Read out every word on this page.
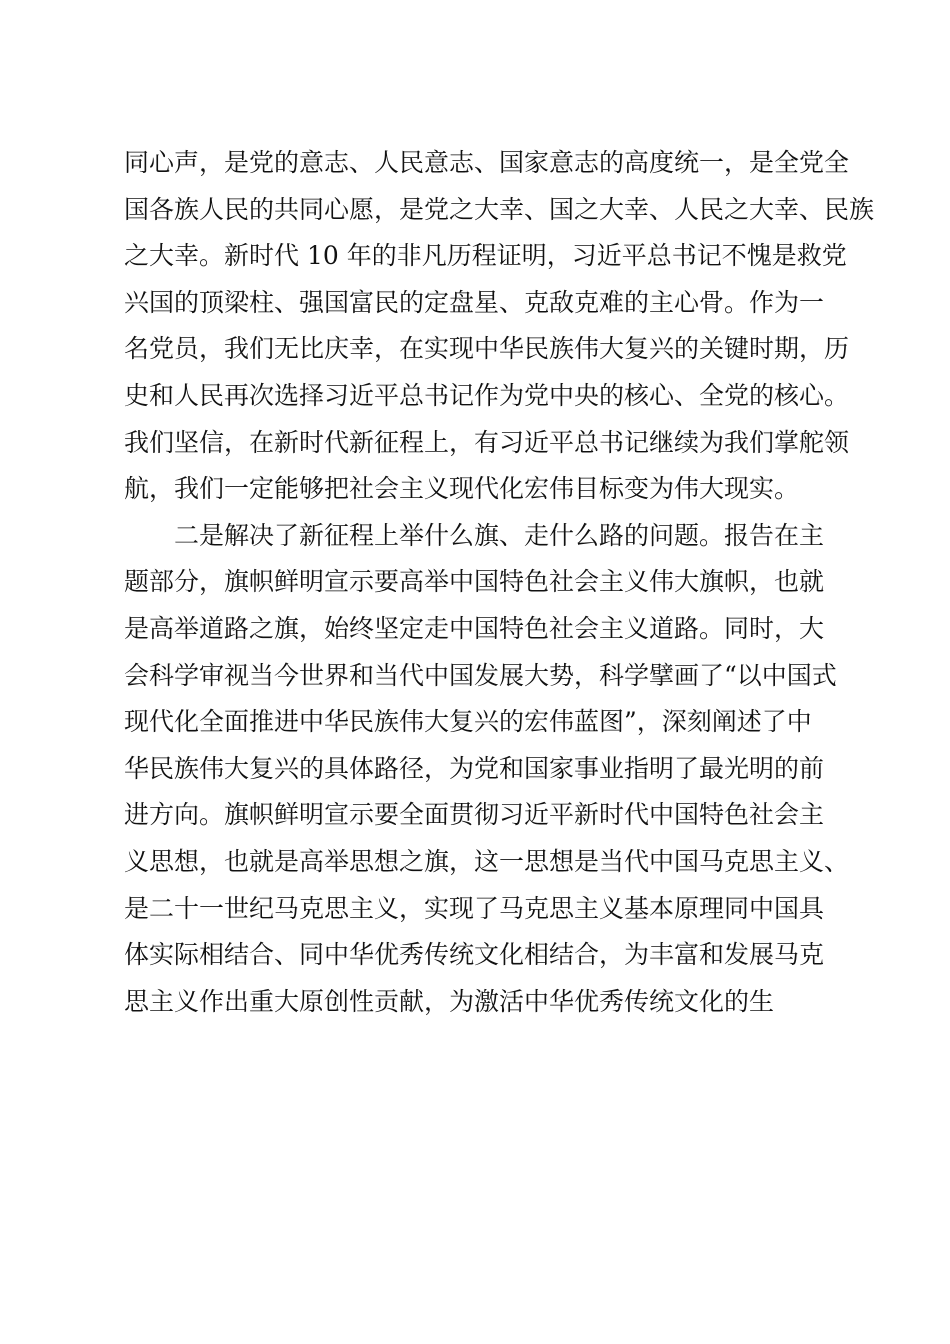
同心声，是党的意志、人民意志、国家意志的高度统一，是全党全
国各族人民的共同心愿，是党之大幸、国之大幸、人民之大幸、民族
之大幸。新时代 10 年的非凡历程证明，习近平总书记不愧是救党
兴国的顶梁柱、强国富民的定盘星、克敌克难的主心骨。作为一
名党员，我们无比庆幸，在实现中华民族伟大复兴的关键时期，历
史和人民再次选择习近平总书记作为党中央的核心、全党的核心。
我们坚信，在新时代新征程上，有习近平总书记继续为我们掌舵领
航，我们一定能够把社会主义现代化宏伟目标变为伟大现实。
二是解决了新征程上举什么旗、走什么路的问题。报告在主
题部分，旗帜鲜明宣示要高举中国特色社会主义伟大旗帜，也就
是高举道路之旗，始终坚定走中国特色社会主义道路。同时，大
会科学审视当今世界和当代中国发展大势，科学擘画了“以中国式
现代化全面推进中华民族伟大复兴的宏伟蓝图”，深刻阐述了中
华民族伟大复兴的具体路径，为党和国家事业指明了最光明的前
进方向。旗帜鲜明宣示要全面贯彻习近平新时代中国特色社会主
义思想，也就是高举思想之旗，这一思想是当代中国马克思主义、
是二十一世纪马克思主义，实现了马克思主义基本原理同中国具
体实际相结合、同中华优秀传统文化相结合，为丰富和发展马克
思主义作出重大原创性贡献，为激活中华优秀传统文化的生
